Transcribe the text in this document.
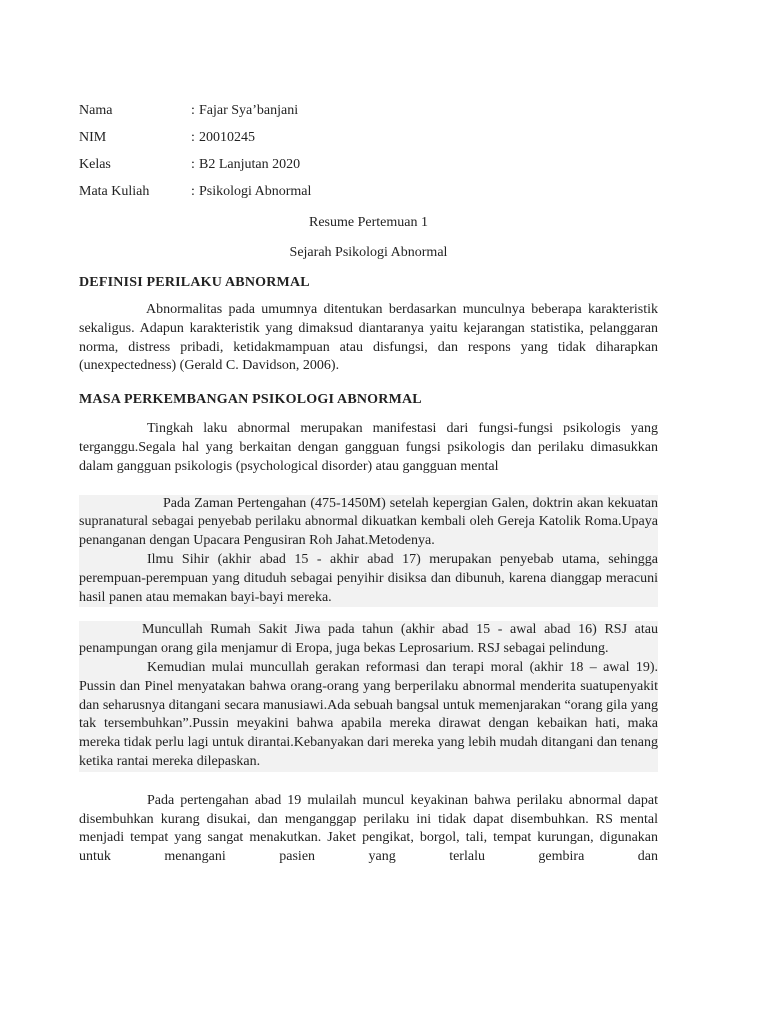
Nama	: Fajar Sya’banjani
NIM	: 20010245
Kelas	: B2 Lanjutan 2020
Mata Kuliah	: Psikologi Abnormal
Resume Pertemuan 1
Sejarah Psikologi Abnormal
DEFINISI PERILAKU ABNORMAL

Abnormalitas pada umumnya ditentukan berdasarkan munculnya beberapa karakteristik sekaligus. Adapun karakteristik yang dimaksud diantaranya yaitu kejarangan statistika, pelanggaran norma, distress pribadi, ketidakmampuan atau disfungsi, dan respons yang tidak diharapkan (unexpectedness) (Gerald C. Davidson, 2006).

MASA PERKEMBANGAN PSIKOLOGI ABNORMAL

Tingkah laku abnormal merupakan manifestasi dari fungsi-fungsi psikologis yang terganggu.Segala hal yang berkaitan dengan gangguan fungsi psikologis dan perilaku dimasukkan dalam gangguan psikologis (psychological disorder) atau gangguan mental

Pada Zaman Pertengahan (475-1450M) setelah kepergian Galen, doktrin akan kekuatan supranatural sebagai penyebab perilaku abnormal dikuatkan kembali oleh Gereja Katolik Roma.Upaya penanganan dengan Upacara Pengusiran Roh Jahat.Metodenya.

Ilmu Sihir (akhir abad 15 - akhir abad 17) merupakan penyebab utama, sehingga perempuan-perempuan yang dituduh sebagai penyihir disiksa dan dibunuh, karena dianggap meracuni hasil panen atau memakan bayi-bayi mereka.

Muncullah Rumah Sakit Jiwa pada tahun (akhir abad 15 - awal abad 16) RSJ atau penampungan orang gila menjamur di Eropa, juga bekas Leprosarium. RSJ sebagai pelindung.

Kemudian mulai muncullah gerakan reformasi dan terapi moral (akhir 18 – awal 19). Pussin dan Pinel menyatakan bahwa orang-orang yang berperilaku abnormal menderita suatupenyakit dan seharusnya ditangani secara manusiawi.Ada sebuah bangsal untuk memenjarakan “orang gila yang tak tersembuhkan”.Pussin meyakini bahwa apabila mereka dirawat dengan kebaikan hati, maka mereka tidak perlu lagi untuk dirantai.Kebanyakan dari mereka yang lebih mudah ditangani dan tenang ketika rantai mereka dilepaskan.

Pada pertengahan abad 19 mulailah muncul keyakinan bahwa perilaku abnormal dapat disembuhkan kurang disukai, dan menganggap perilaku ini tidak dapat disembuhkan. RS mental menjadi tempat yang sangat menakutkan. Jaket pengikat, borgol, tali, tempat kurungan, digunakan untuk menangani pasien yang terlalu gembira dan
